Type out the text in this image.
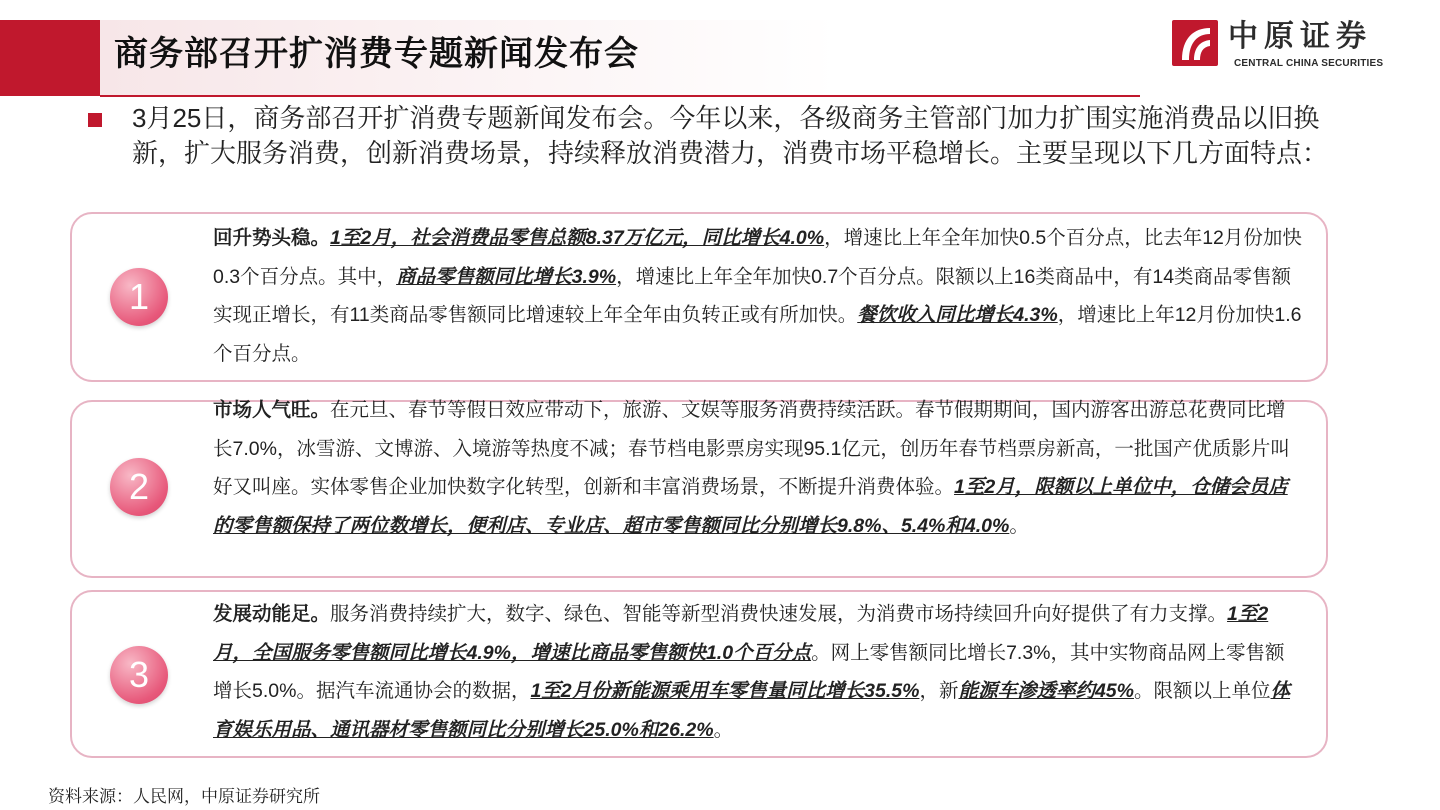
商务部召开扩消费专题新闻发布会	中原证券
CENTRAL CHINA SECURITIES
3月25日，商务部召开扩消费专题新闻发布会。今年以来，各级商务主管部门加力扩围实施消费品以旧换新，扩大服务消费，创新消费场景，持续释放消费潜力，消费市场平稳增长。主要呈现以下几方面特点：
1
回升势头稳。1至2月，社会消费品零售总额8.37万亿元，同比增长4.0%，增速比上年全年加快0.5个百分点，比去年12月份加快0.3个百分点。其中，商品零售额同比增长3.9%，增速比上年全年加快0.7个百分点。限额以上16类商品中，有14类商品零售额实现正增长，有11类商品零售额同比增速较上年全年由负转正或有所加快。餐饮收入同比增长4.3%，增速比上年12月份加快1.6个百分点。
2
市场人气旺。在元旦、春节等假日效应带动下，旅游、文娱等服务消费持续活跃。春节假期期间，国内游客出游总花费同比增长7.0%，冰雪游、文博游、入境游等热度不减；春节档电影票房实现95.1亿元，创历年春节档票房新高，一批国产优质影片叫好又叫座。实体零售企业加快数字化转型，创新和丰富消费场景，不断提升消费体验。1至2月，限额以上单位中，仓储会员店的零售额保持了两位数增长，便利店、专业店、超市零售额同比分别增长9.8%、5.4%和4.0%。
3
发展动能足。服务消费持续扩大，数字、绿色、智能等新型消费快速发展，为消费市场持续回升向好提供了有力支撑。1至2月，全国服务零售额同比增长4.9%，增速比商品零售额快1.0个百分点。网上零售额同比增长7.3%，其中实物商品网上零售额增长5.0%。据汽车流通协会的数据，1至2月份新能源乘用车零售量同比增长35.5%，新能源车渗透率约45%。限额以上单位体育娱乐用品、通讯器材零售额同比分别增长25.0%和26.2%。
资料来源：人民网，中原证券研究所
